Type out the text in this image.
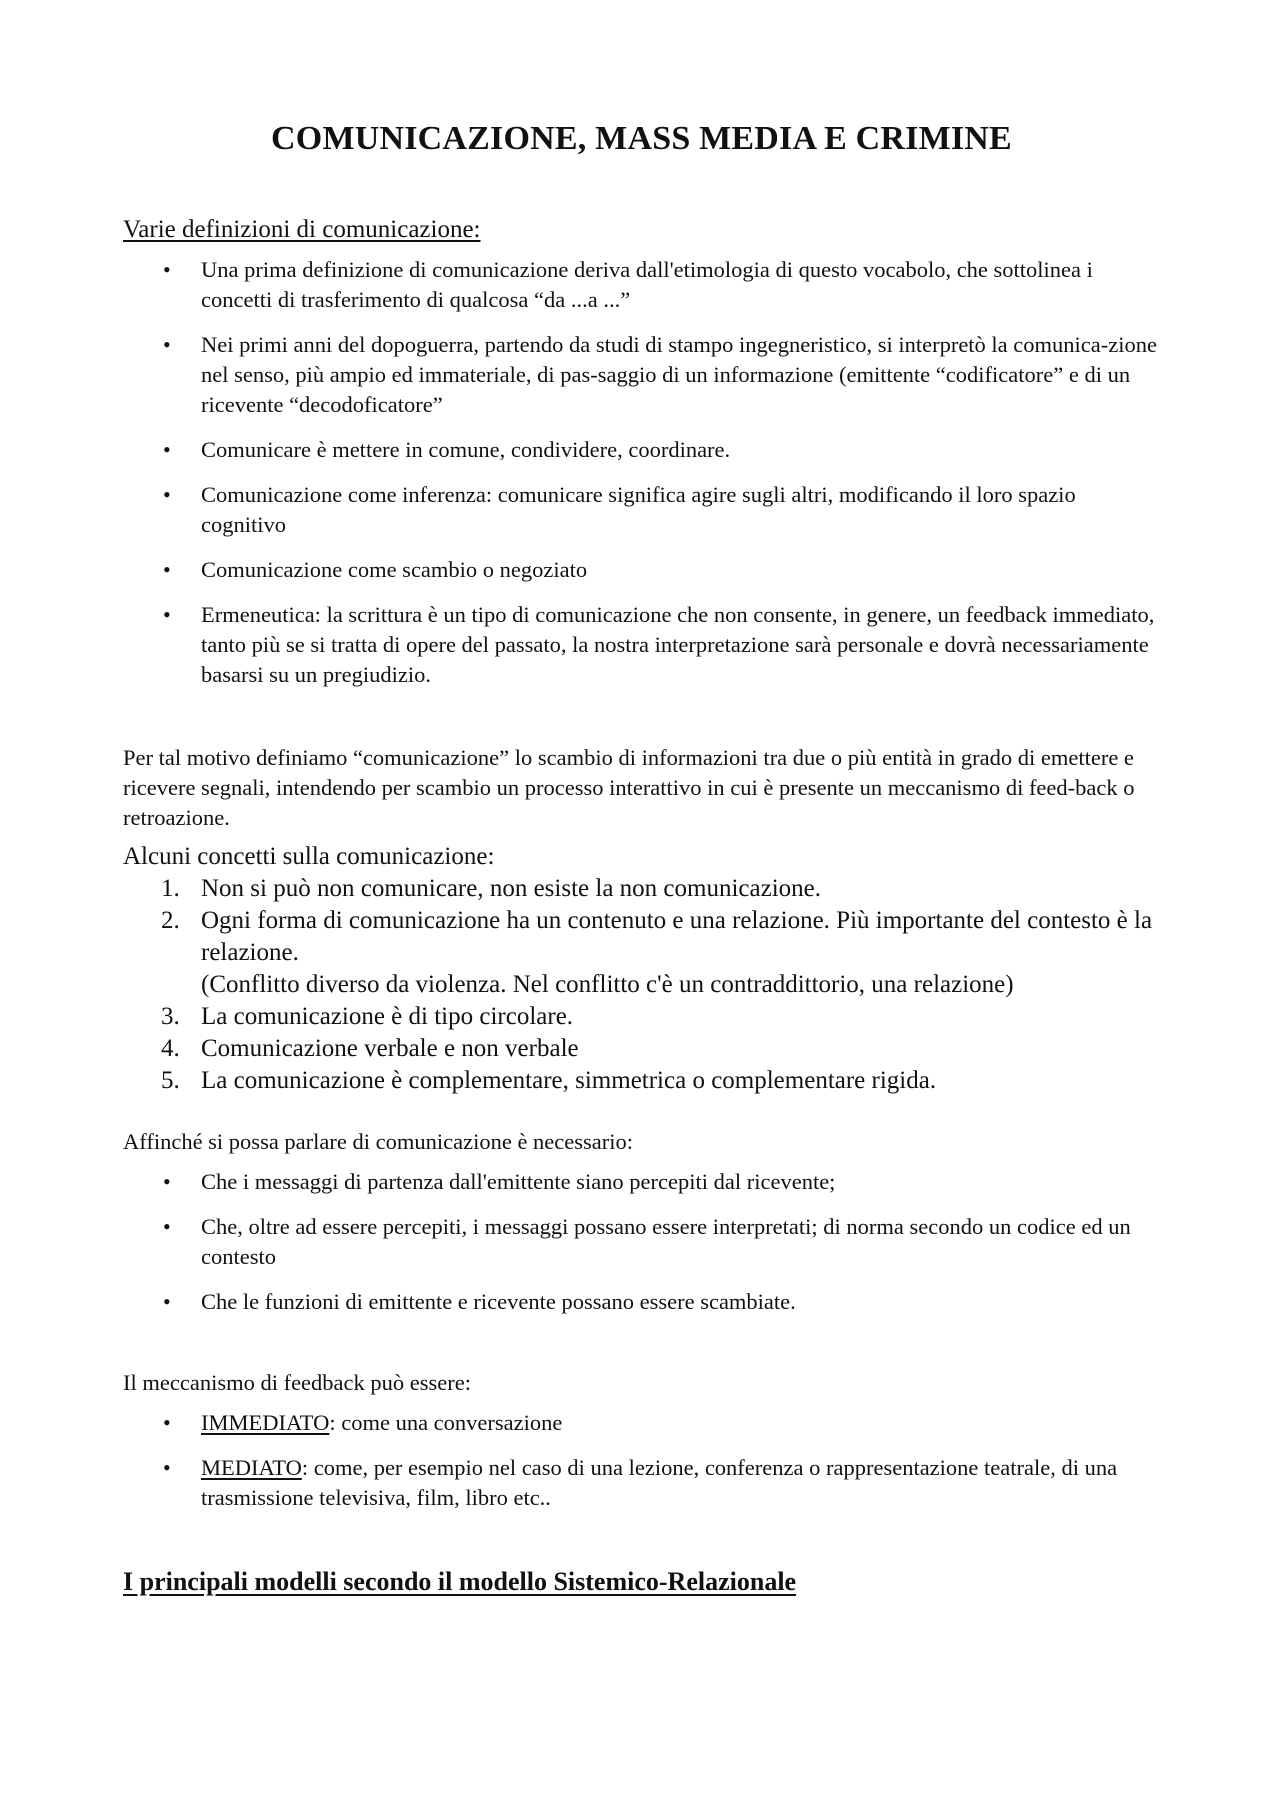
COMUNICAZIONE, MASS MEDIA E CRIMINE
Varie definizioni di comunicazione:
• Una prima definizione di comunicazione deriva dall'etimologia di questo vocabolo, che sottolinea i concetti di trasferimento di qualcosa “da ...a ...”
• Nei primi anni del dopoguerra, partendo da studi di stampo ingegneristico, si interpretò la comunica-zione nel senso, più ampio ed immateriale, di pas-saggio di un informazione (emittente “codificatore” e di un ricevente “decodoficatore”
• Comunicare è mettere in comune, condividere, coordinare.
• Comunicazione come inferenza: comunicare significa agire sugli altri, modificando il loro spazio cognitivo
• Comunicazione come scambio o negoziato
• Ermeneutica: la scrittura è un tipo di comunicazione che non consente, in genere, un feedback immediato, tanto più se si tratta di opere del passato, la nostra interpretazione sarà personale e dovrà necessariamente basarsi su un pregiudizio.

Per tal motivo definiamo “comunicazione” lo scambio di informazioni tra due o più entità in grado di emettere e ricevere segnali, intendendo per scambio un processo interattivo in cui è presente un meccanismo di feed-back o retroazione.

Alcuni concetti sulla comunicazione:
1. Non si può non comunicare, non esiste la non comunicazione.
2. Ogni forma di comunicazione ha un contenuto e una relazione. Più importante del contesto è la relazione.
(Conflitto diverso da violenza. Nel conflitto c'è un contraddittorio, una relazione)
3. La comunicazione è di tipo circolare.
4. Comunicazione verbale e non verbale
5. La comunicazione è complementare, simmetrica o complementare rigida.

Affinché si possa parlare di comunicazione è necessario:

• Che i messaggi di partenza dall'emittente siano percepiti dal ricevente;
• Che, oltre ad essere percepiti, i messaggi possano essere interpretati; di norma secondo un codice ed un contesto
• Che le funzioni di emittente e ricevente possano essere scambiate.

Il meccanismo di feedback può essere:

• IMMEDIATO: come una conversazione
• MEDIATO: come, per esempio nel caso di una lezione, conferenza o rappresentazione teatrale, di una trasmissione televisiva, film, libro etc..
I principali modelli secondo il modello Sistemico-Relazionale
